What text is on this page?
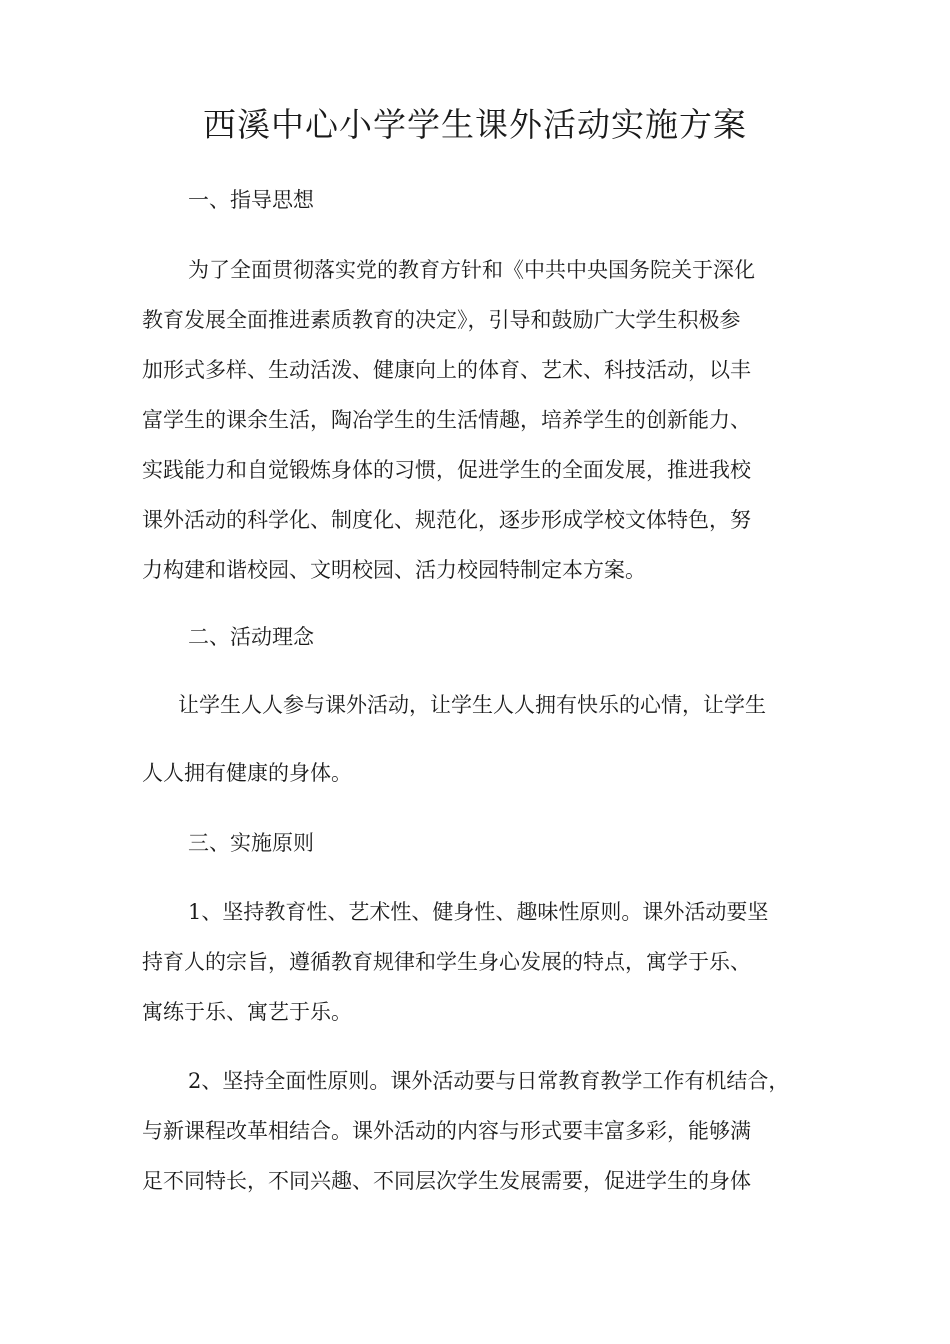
西溪中心小学学生课外活动实施方案
一、指导思想
为了全面贯彻落实党的教育方针和《中共中央国务院关于深化
教育发展全面推进素质教育的决定》，引导和鼓励广大学生积极参
加形式多样、生动活泼、健康向上的体育、艺术、科技活动，以丰
富学生的课余生活，陶冶学生的生活情趣，培养学生的创新能力、
实践能力和自觉锻炼身体的习惯，促进学生的全面发展，推进我校
课外活动的科学化、制度化、规范化，逐步形成学校文体特色，努
力构建和谐校园、文明校园、活力校园特制定本方案。
二、活动理念
让学生人人参与课外活动，让学生人人拥有快乐的心情，让学生
人人拥有健康的身体。
三、实施原则
1、坚持教育性、艺术性、健身性、趣味性原则。课外活动要坚
持育人的宗旨，遵循教育规律和学生身心发展的特点，寓学于乐、
寓练于乐、寓艺于乐。
2、坚持全面性原则。课外活动要与日常教育教学工作有机结合，
与新课程改革相结合。课外活动的内容与形式要丰富多彩，能够满
足不同特长，不同兴趣、不同层次学生发展需要，促进学生的身体
